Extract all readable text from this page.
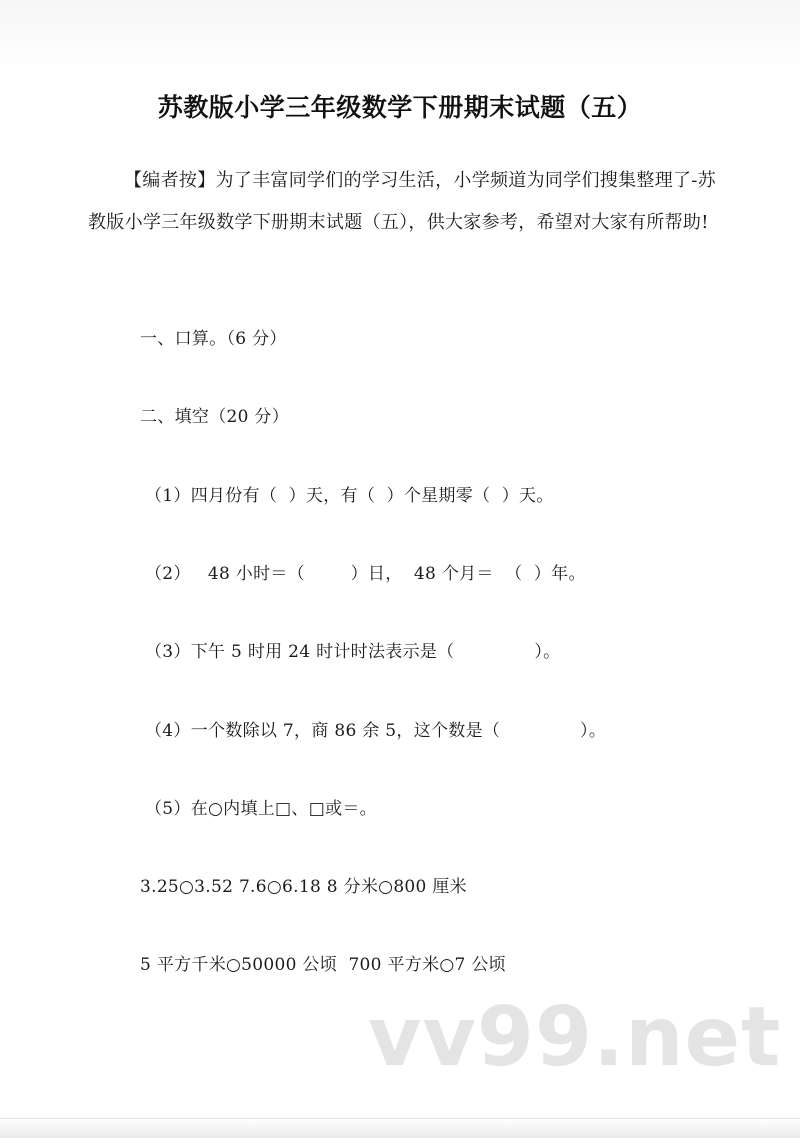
苏教版小学三年级数学下册期末试题（五）
【编者按】为了丰富同学们的学习生活，小学频道为同学们搜集整理了-苏教版小学三年级数学下册期末试题（五），供大家参考，希望对大家有所帮助!
一、口算。（6 分）
二、填空（20 分）
（1）四月份有（  ）天，有（  ）个星期零（  ）天。
（2）   48 小时＝（        ）日，  48 个月＝  （  ）年。
（3）下午 5 时用 24 时计时法表示是（              ）。
（4）一个数除以 7，商 86 余 5，这个数是（              ）。
（5）在○内填上□、□或＝。
3.25○3.52 7.6○6.18 8 分米○800 厘米
5 平方千米○50000 公顷  700 平方米○7 公顷
vv99.net
